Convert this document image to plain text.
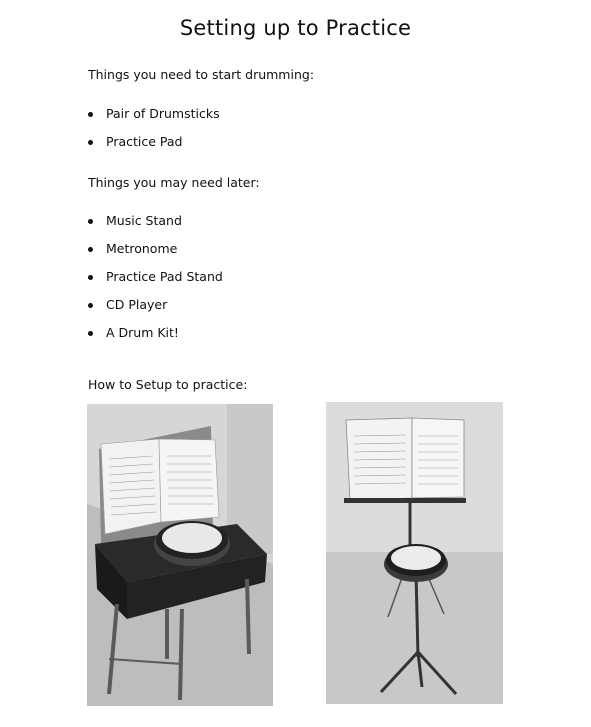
Setting up to Practice
Things you need to start drumming:
Pair of Drumsticks
Practice Pad
Things you may need later:
Music Stand
Metronome
Practice Pad Stand
CD Player
A Drum Kit!
How to Setup to practice:
